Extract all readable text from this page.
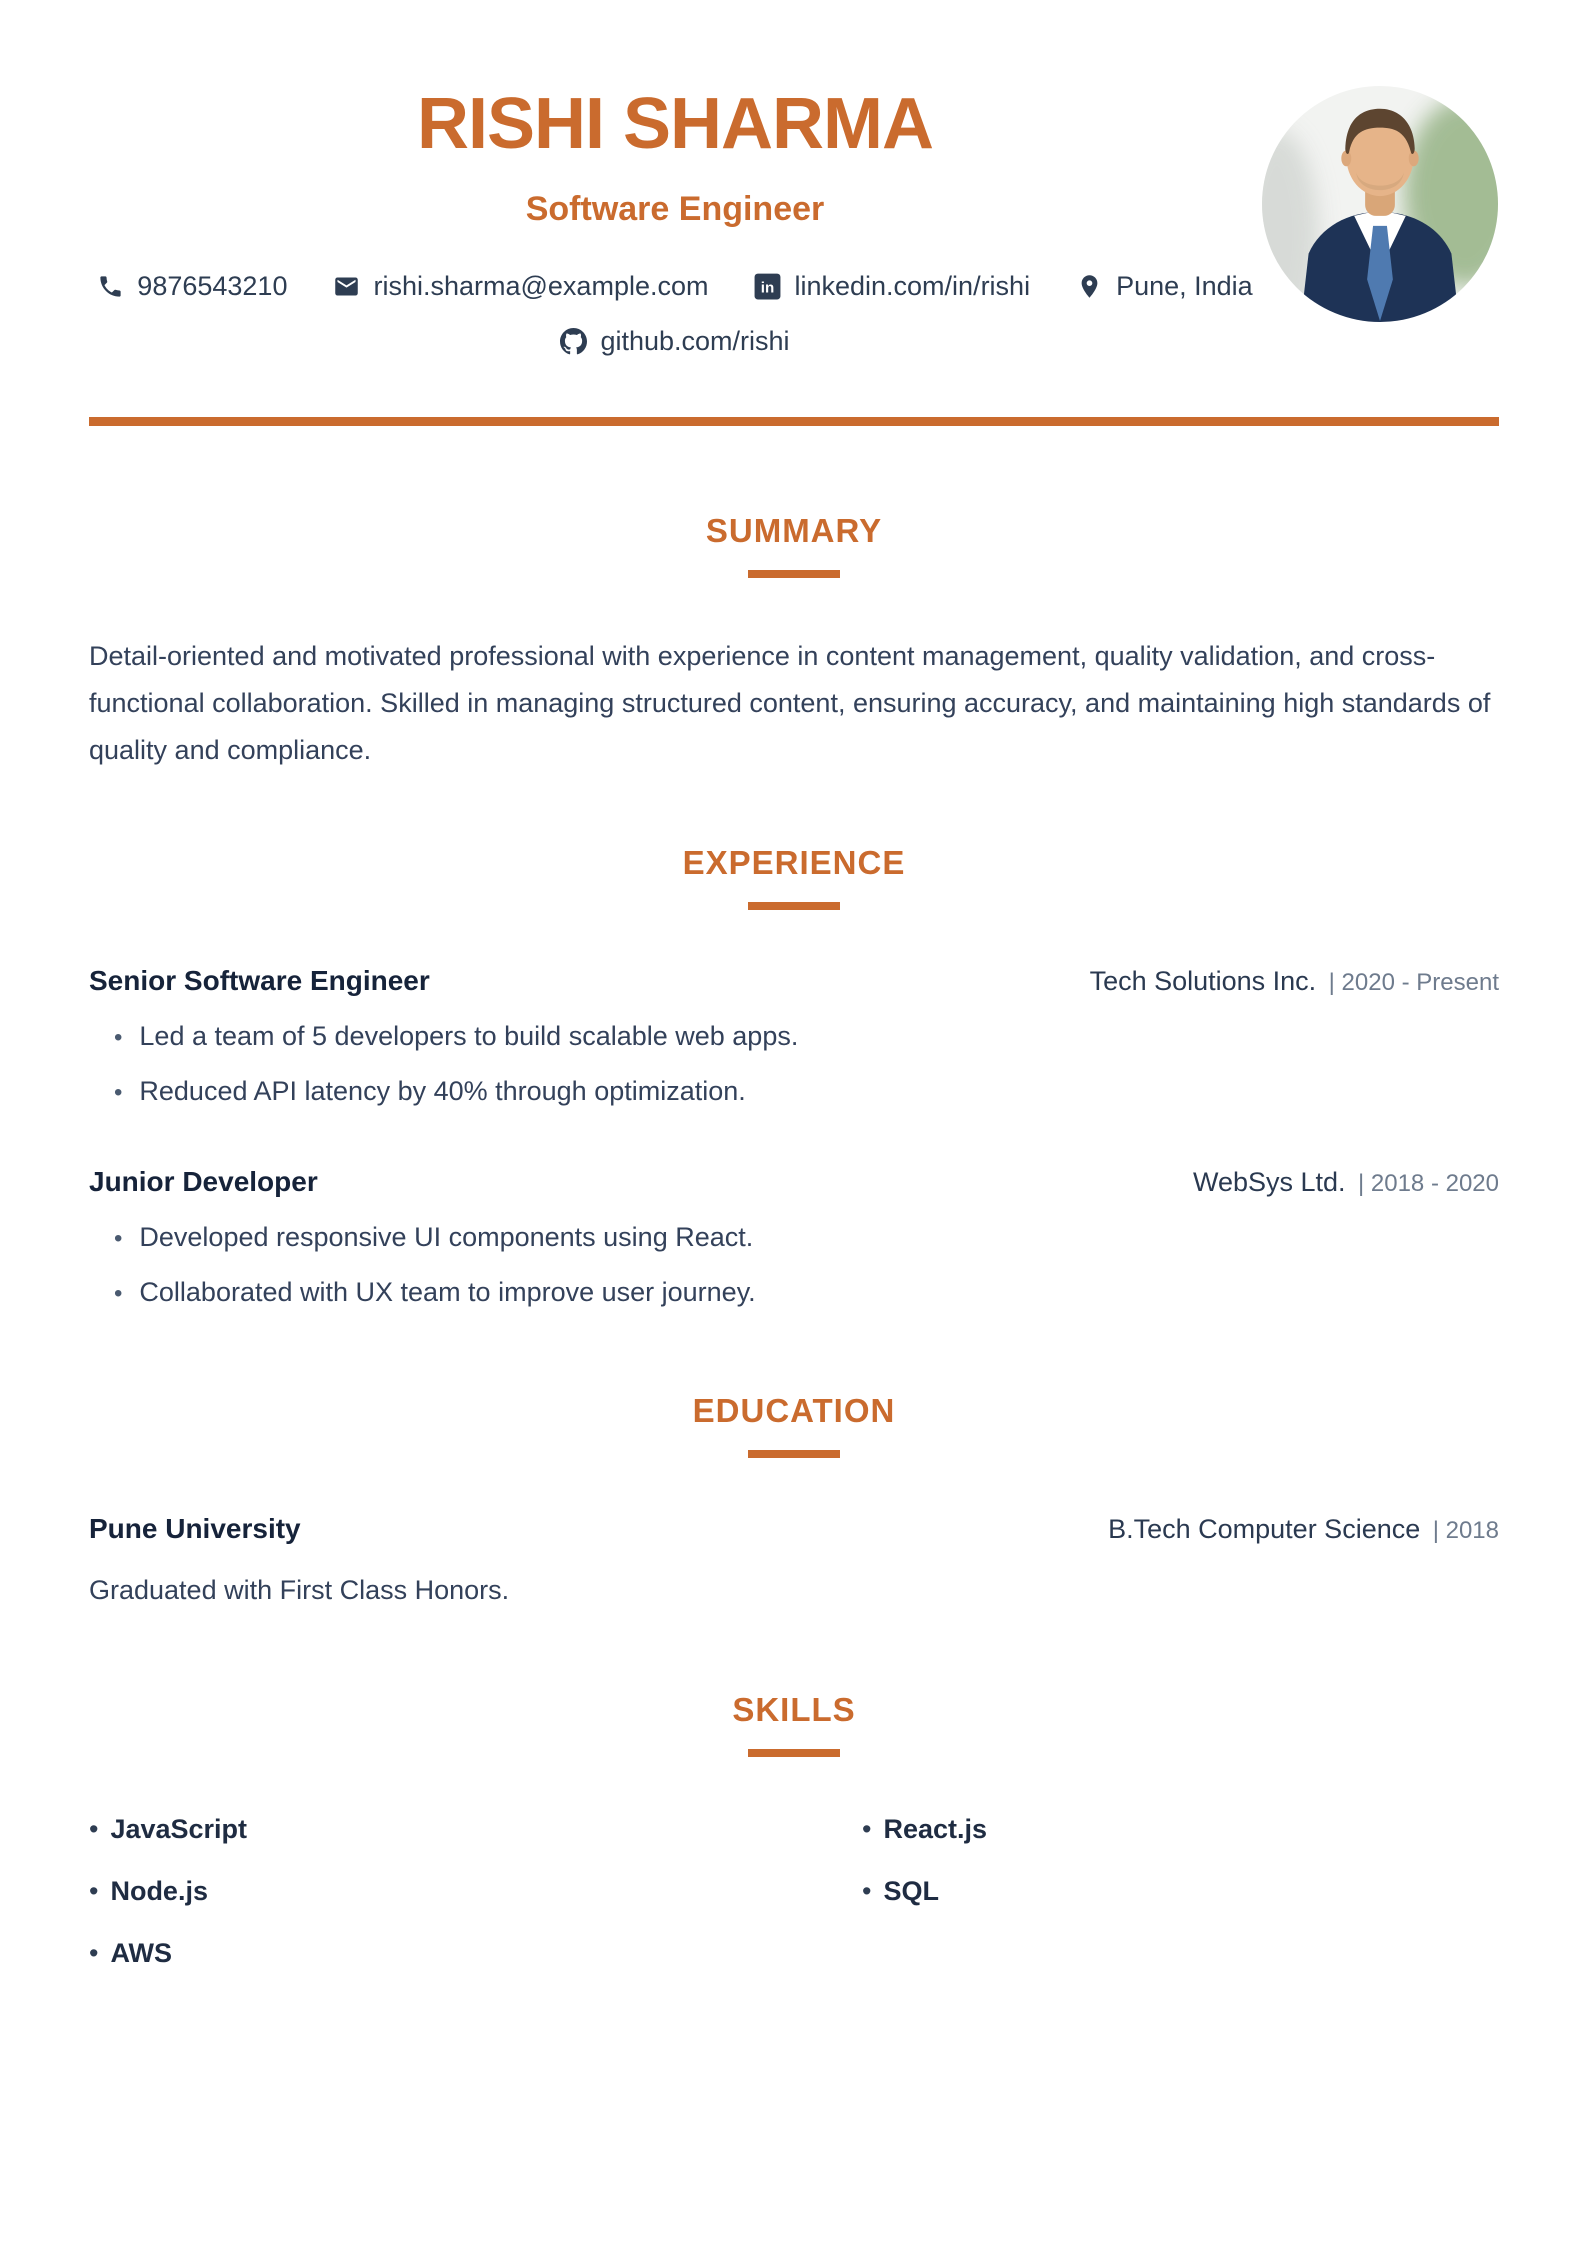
RISHI SHARMA
Software Engineer
9876543210	rishi.sharma@example.com	in linkedin.com/in/rishi	Pune, India
github.com/rishi
SUMMARY

Detail-oriented and motivated professional with experience in content management, quality validation, and cross-functional collaboration. Skilled in managing structured content, ensuring accuracy, and maintaining high standards of quality and compliance.

EXPERIENCE
Senior Software Engineer	Tech Solutions Inc. | 2020 - Present
• Led a team of 5 developers to build scalable web apps.
• Reduced API latency by 40% through optimization.
Junior Developer	WebSys Ltd. | 2018 - 2020
• Developed responsive UI components using React.
• Collaborated with UX team to improve user journey.
EDUCATION
Pune University	B.Tech Computer Science | 2018
Graduated with First Class Honors.
SKILLS
• JavaScript	• React.js
• Node.js	• SQL
• AWS
